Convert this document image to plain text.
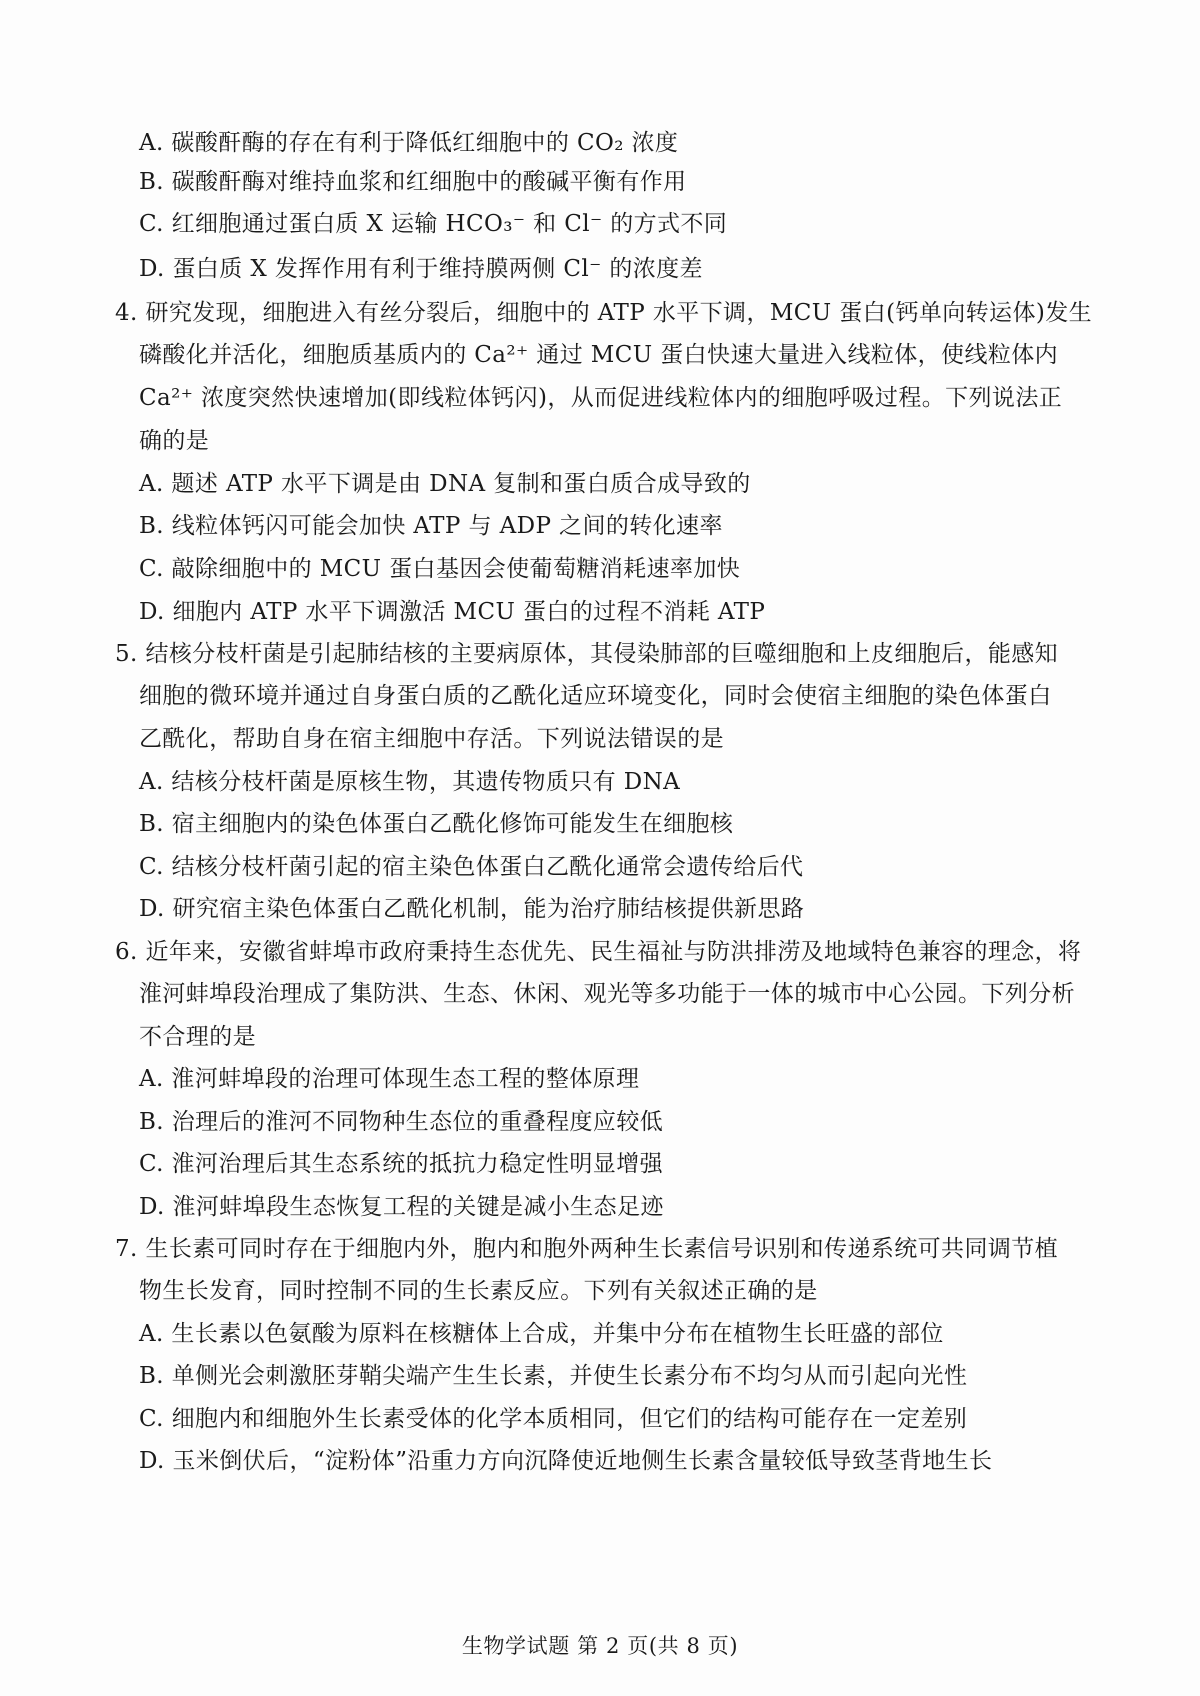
A. 碳酸酐酶的存在有利于降低红细胞中的 CO₂ 浓度
B. 碳酸酐酶对维持血浆和红细胞中的酸碱平衡有作用
C. 红细胞通过蛋白质 X 运输 HCO₃⁻ 和 Cl⁻ 的方式不同
D. 蛋白质 X 发挥作用有利于维持膜两侧 Cl⁻ 的浓度差
4. 研究发现，细胞进入有丝分裂后，细胞中的 ATP 水平下调，MCU 蛋白(钙单向转运体)发生
磷酸化并活化，细胞质基质内的 Ca²⁺ 通过 MCU 蛋白快速大量进入线粒体，使线粒体内
Ca²⁺ 浓度突然快速增加(即线粒体钙闪)，从而促进线粒体内的细胞呼吸过程。下列说法正
确的是
A. 题述 ATP 水平下调是由 DNA 复制和蛋白质合成导致的
B. 线粒体钙闪可能会加快 ATP 与 ADP 之间的转化速率
C. 敲除细胞中的 MCU 蛋白基因会使葡萄糖消耗速率加快
D. 细胞内 ATP 水平下调激活 MCU 蛋白的过程不消耗 ATP
5. 结核分枝杆菌是引起肺结核的主要病原体，其侵染肺部的巨噬细胞和上皮细胞后，能感知
细胞的微环境并通过自身蛋白质的乙酰化适应环境变化，同时会使宿主细胞的染色体蛋白
乙酰化，帮助自身在宿主细胞中存活。下列说法错误的是
A. 结核分枝杆菌是原核生物，其遗传物质只有 DNA
B. 宿主细胞内的染色体蛋白乙酰化修饰可能发生在细胞核
C. 结核分枝杆菌引起的宿主染色体蛋白乙酰化通常会遗传给后代
D. 研究宿主染色体蛋白乙酰化机制，能为治疗肺结核提供新思路
6. 近年来，安徽省蚌埠市政府秉持生态优先、民生福祉与防洪排涝及地域特色兼容的理念，将
淮河蚌埠段治理成了集防洪、生态、休闲、观光等多功能于一体的城市中心公园。下列分析
不合理的是
A. 淮河蚌埠段的治理可体现生态工程的整体原理
B. 治理后的淮河不同物种生态位的重叠程度应较低
C. 淮河治理后其生态系统的抵抗力稳定性明显增强
D. 淮河蚌埠段生态恢复工程的关键是减小生态足迹
7. 生长素可同时存在于细胞内外，胞内和胞外两种生长素信号识别和传递系统可共同调节植
物生长发育，同时控制不同的生长素反应。下列有关叙述正确的是
A. 生长素以色氨酸为原料在核糖体上合成，并集中分布在植物生长旺盛的部位
B. 单侧光会刺激胚芽鞘尖端产生生长素，并使生长素分布不均匀从而引起向光性
C. 细胞内和细胞外生长素受体的化学本质相同，但它们的结构可能存在一定差别
D. 玉米倒伏后，“淀粉体”沿重力方向沉降使近地侧生长素含量较低导致茎背地生长
生物学试题 第 2 页(共 8 页)
